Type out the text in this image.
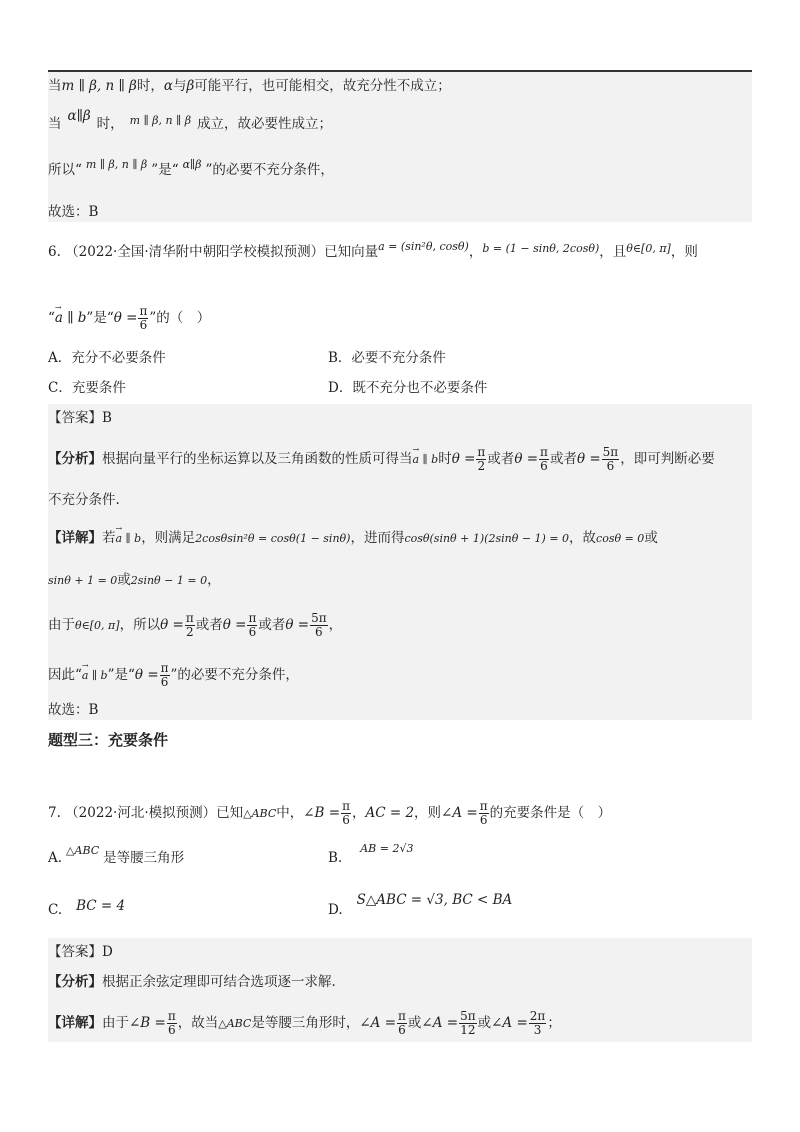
当m ∥ β, n ∥ β时，α与β可能平行，也可能相交，故充分性不成立；
当 α∥β 时， $^{m \parallel \beta, n \parallel \beta}$ 成立，故必要性成立；
所以“ $^{m \parallel \beta, n \parallel \beta}$ ”是“ $^{\alpha\parallel\beta}$ ”的必要不充分条件，
故选：B
6. （2022·全国·清华附中朝阳学校模拟预测）已知向量$^{a = (sin^2\theta, cos\theta)}$，$^{b = (1 - sin\theta, 2cos\theta)}$，且$^{\theta\in[0, \pi]}$，则
“→ a ∥ b”是“$\theta = \frac{\pi}{6}$ ”的（　）
A．充分不必要条件	B．必要不充分条件
C．充要条件	D．既不充分也不必要条件
【答案】B
【分析】根据向量平行的坐标运算以及三角函数的性质可得当→ a ∥ b时$\theta = \frac{\pi}{2}$ 或者$\theta = \frac{\pi}{6}$ 或者$\theta = \frac{5\pi}{6}$ ，即可判断必要
不充分条件.
【详解】若→ a ∥ b，则满足2cosθsin²θ = cosθ(1 − sinθ)，进而得cosθ(sinθ + 1)(2sinθ − 1) = 0，故cosθ = 0或
sinθ + 1 = 0或2sinθ − 1 = 0，
由于θ∈[0, π]，所以$\theta = \frac{\pi}{2}$ 或者$\theta = \frac{\pi}{6}$ 或者$\theta = \frac{5\pi}{6}$ ，
因此“→ a ∥ b”是“$\theta = \frac{\pi}{6}$ ”的必要不充分条件，
故选：B
题型三：充要条件
7. （2022·河北·模拟预测）已知△ABC中，∠B = $\frac{\pi}{6}$ ，AC = 2，则∠A = $\frac{\pi}{6}$ 的充要条件是（　）
A. $^{\triangle ABC}$ 是等腰三角形	B.$^{AB = 2√3}$
C. BC = 4	D.S△ABC = √3, BC < BA
【答案】D
【分析】根据正余弦定理即可结合选项逐一求解.
【详解】由于∠B = $\frac{\pi}{6}$ ，故当△ABC是等腰三角形时，∠A = $\frac{\pi}{6}$ 或∠A = $\frac{5\pi}{12}$ 或∠A = $\frac{2\pi}{3}$ ；
